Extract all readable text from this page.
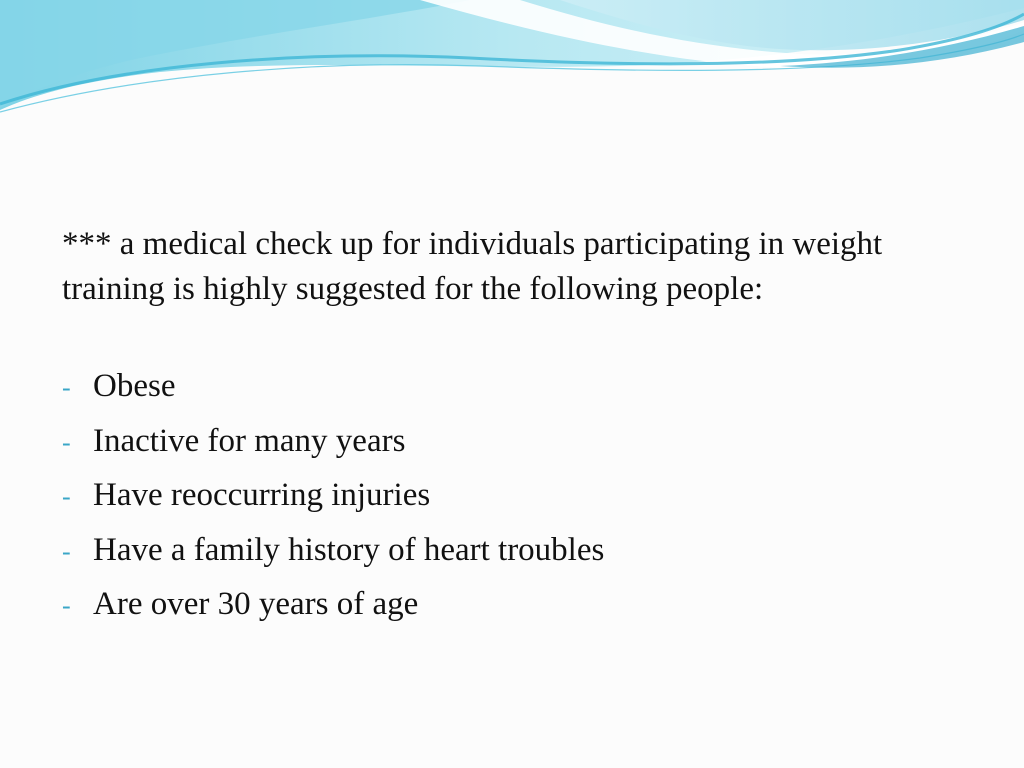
*** a medical check up for individuals participating in weight training is highly suggested for the following people:

- Obese
- Inactive for many years
- Have reoccurring injuries
- Have a family history of heart troubles
- Are over 30 years of age
